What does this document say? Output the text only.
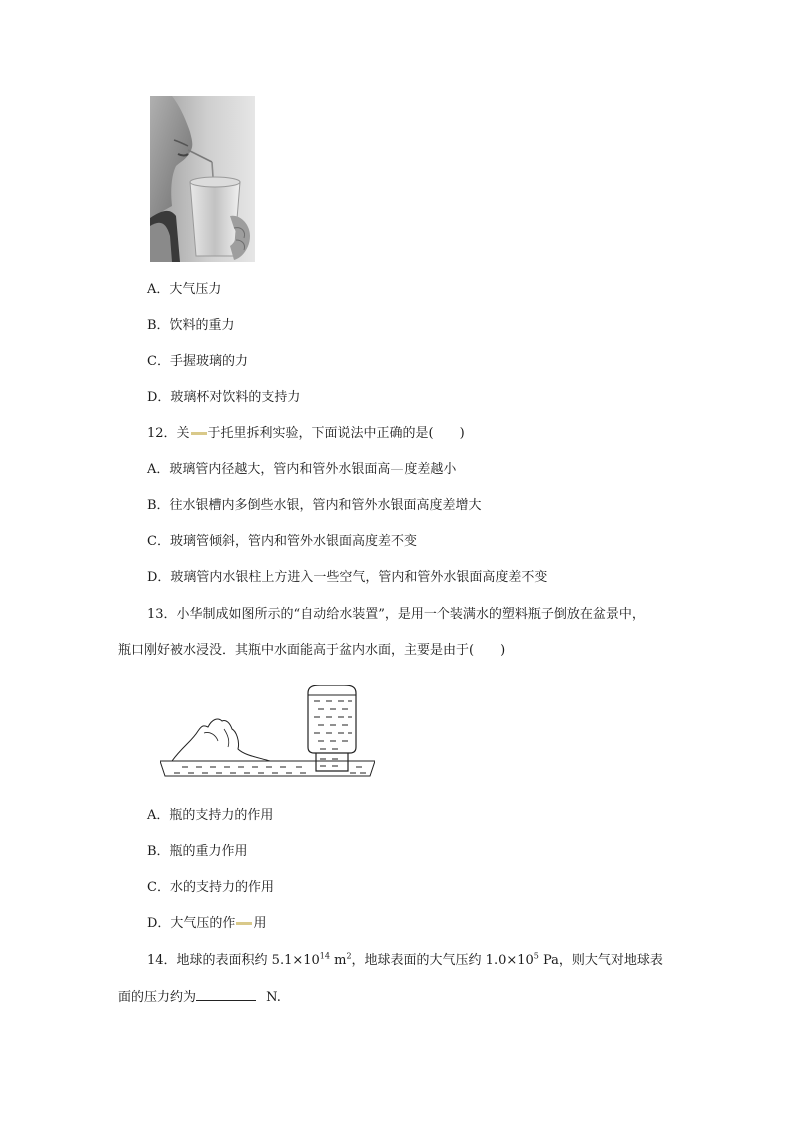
A．大气压力
B．饮料的重力
C．手握玻璃的力
D．玻璃杯对饮料的支持力
12．关 于托里拆利实验，下面说法中正确的是(　　)
A．玻璃管内径越大，管内和管外水银面高 度差越小
B．往水银槽内多倒些水银，管内和管外水银面高度差增大
C．玻璃管倾斜，管内和管外水银面高度差不变
D．玻璃管内水银柱上方进入一些空气，管内和管外水银面高度差不变
13．小华制成如图所示的“自动给水装置”，是用一个装满水的塑料瓶子倒放在盆景中，
瓶口刚好被水浸没．其瓶中水面能高于盆内水面，主要是由于(　　)
A．瓶的支持力的作用
B．瓶的重力作用
C．水的支持力的作用
D．大气压的作 用
14．地球的表面积约 $5.1\times 10^{14}$ $m^2$，地球表面的大气压约 $1.0\times 10^5$ Pa，则大气对地球表
面的压力约为	N.
